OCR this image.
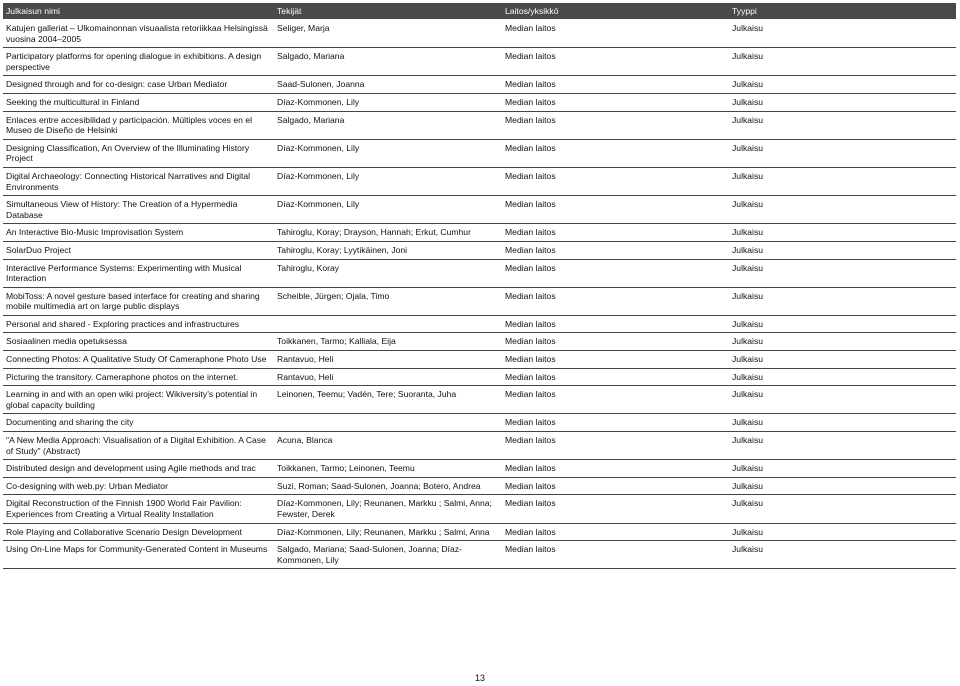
Julkaisun nimi	Tekijät	Laitos/yksikkö	Tyyppi
Katujen galleriat – Ulkomainonnan visuaalista retoriikkaa Helsingissä vuosina 2004–2005	Seliger, Marja	Median laitos	Julkaisu
Participatory platforms for opening dialogue in exhibitions. A design perspective	Salgado, Mariana	Median laitos	Julkaisu
Designed through and for co-design: case Urban Mediator	Saad-Sulonen, Joanna	Median laitos	Julkaisu
Seeking the multicultural in Finland	Díaz-Kommonen, Lily	Median laitos	Julkaisu
Enlaces entre accesibilidad y participación. Múltiples voces en el Museo de Diseño de Helsinki	Salgado, Mariana	Median laitos	Julkaisu
Designing Classification, An Overview of the Illuminating History Project	Díaz-Kommonen, Lily	Median laitos	Julkaisu
Digital Archaeology: Connecting Historical Narratives and Digital Environments	Díaz-Kommonen, Lily	Median laitos	Julkaisu
Simultaneous View of History: The Creation of a Hypermedia Database	Díaz-Kommonen, Lily	Median laitos	Julkaisu
An Interactive Bio-Music Improvisation System	Tahiroglu, Koray; Drayson, Hannah; Erkut, Cumhur	Median laitos	Julkaisu
SolarDuo Project	Tahiroglu, Koray; Lyytikäinen, Joni	Median laitos	Julkaisu
Interactive Performance Systems: Experimenting with Musical Interaction	Tahiroglu, Koray	Median laitos	Julkaisu
MobiToss: A novel gesture based interface for creating and sharing mobile multimedia art on large public displays	Scheible, Jürgen; Ojala, Timo	Median laitos	Julkaisu
Personal and shared - Exploring practices and infrastructures		Median laitos	Julkaisu
Sosiaalinen media opetuksessa	Toikkanen, Tarmo; Kalliala, Eija	Median laitos	Julkaisu
Connecting Photos: A Qualitative Study Of Cameraphone Photo Use	Rantavuo, Heli	Median laitos	Julkaisu
Picturing the transitory. Cameraphone photos on the internet.	Rantavuo, Heli	Median laitos	Julkaisu
Learning in and with an open wiki project: Wikiversity’s potential in global capacity building	Leinonen, Teemu; Vadén, Tere; Suoranta, Juha	Median laitos	Julkaisu
Documenting and sharing the city		Median laitos	Julkaisu
"A New Media Approach: Visualisation of a Digital Exhibition. A Case of Study" (Abstract)	Acuna, Blanca	Median laitos	Julkaisu
Distributed design and development using Agile methods and trac	Toikkanen, Tarmo; Leinonen, Teemu	Median laitos	Julkaisu
Co-designing with web.py: Urban Mediator	Suzi, Roman; Saad-Sulonen, Joanna; Botero, Andrea	Median laitos	Julkaisu
Digital Reconstruction of the Finnish 1900 World Fair Pavilion: Experiences from Creating a Virtual Reality Installation	Díaz-Kommonen, Lily; Reunanen, Markku ; Salmi, Anna; Fewster, Derek	Median laitos	Julkaisu
Role Playing and Collaborative Scenario Design Development	Díaz-Kommonen, Lily; Reunanen, Markku ; Salmi, Anna	Median laitos	Julkaisu
Using On-Line Maps for Community-Generated Content in Museums	Salgado, Mariana; Saad-Sulonen, Joanna; Díaz-Kommonen, Lily	Median laitos	Julkaisu
13
